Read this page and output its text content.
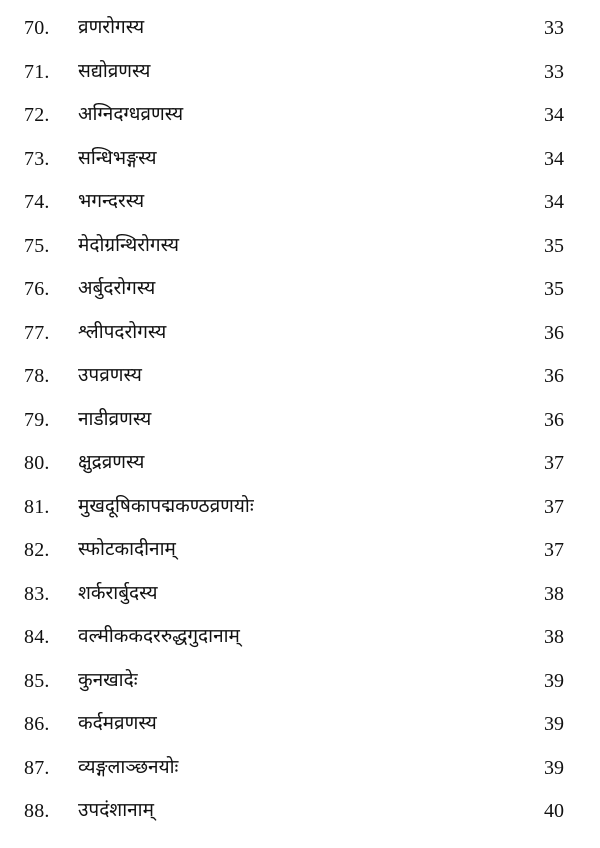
70. व्रणरोगस्य	33
71. सद्योव्रणस्य	33
72. अग्निदग्धव्रणस्य	34
73. सन्धिभङ्गस्य	34
74. भगन्दरस्य	34
75. मेदोग्रन्थिरोगस्य	35
76. अर्बुदरोगस्य	35
77. श्लीपदरोगस्य	36
78. उपव्रणस्य	36
79. नाडीव्रणस्य	36
80. क्षुद्रव्रणस्य	37
81. मुखदूषिकापद्मकण्ठव्रणयोः	37
82. स्फोटकादीनाम्	37
83. शर्करार्बुदस्य	38
84. वल्मीककदररुद्धगुदानाम्	38
85. कुनखादेः	39
86. कर्दमव्रणस्य	39
87. व्यङ्गलाञ्छनयोः	39
88. उपदंशानाम्	40
